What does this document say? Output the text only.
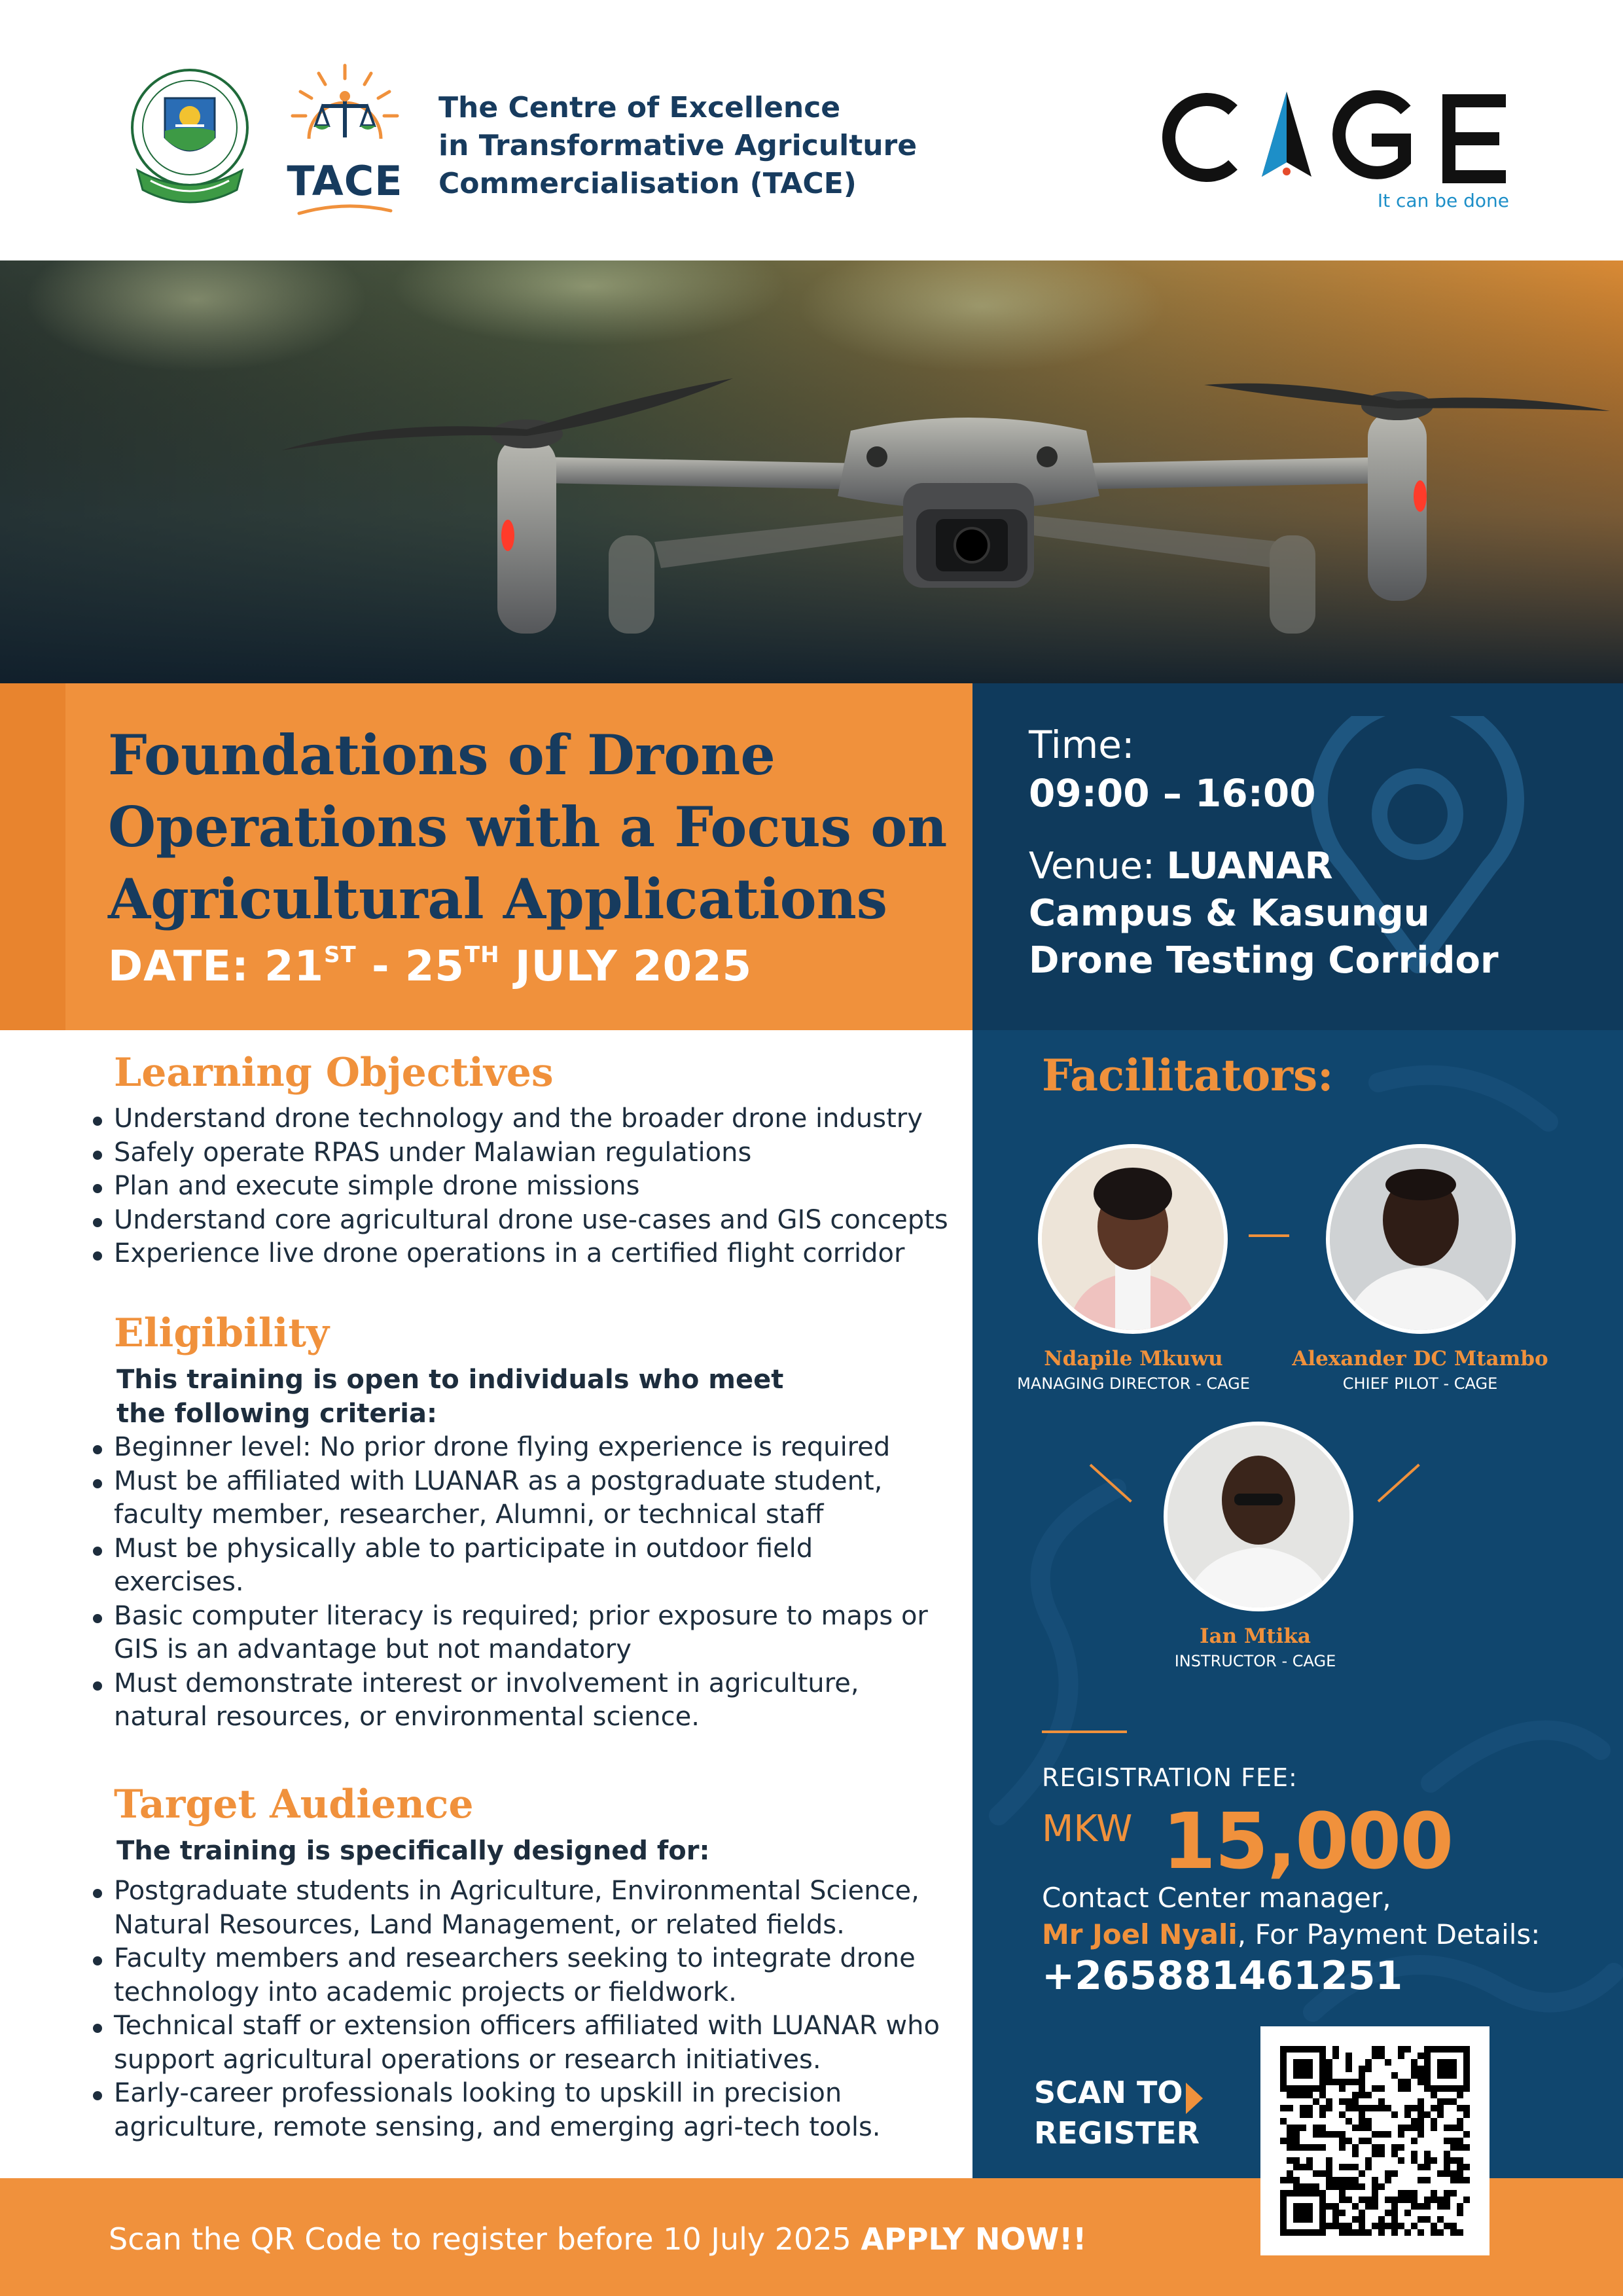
TACE
The Centre of Excellence
in Transformative Agriculture
Commercialisation (TACE)
It can be done
Foundations of Drone
Operations with a Focus on
Agricultural Applications
DATE: 21ST - 25TH JULY 2025
Time:
09:00 – 16:00
Venue: LUANAR
Campus & Kasungu
Drone Testing Corridor
Facilitators:
Ndapile Mkuwu
MANAGING DIRECTOR - CAGE
Alexander DC Mtambo
CHIEF PILOT - CAGE
Ian Mtika
INSTRUCTOR - CAGE
REGISTRATION FEE:
MKW 15,000
Contact Center manager,
Mr Joel Nyali, For Payment Details:
+265881461251
SCAN TO
REGISTER
Learning Objectives
Understand drone technology and the broader drone industry
Safely operate RPAS under Malawian regulations
Plan and execute simple drone missions
Understand core agricultural drone use-cases and GIS concepts
Experience live drone operations in a certified flight corridor
Eligibility
This training is open to individuals who meet the following criteria:
Beginner level: No prior drone flying experience is required
Must be affiliated with LUANAR as a postgraduate student, faculty member, researcher, Alumni, or technical staff
Must be physically able to participate in outdoor field exercises.
Basic computer literacy is required; prior exposure to maps or GIS is an advantage but not mandatory
Must demonstrate interest or involvement in agriculture, natural resources, or environmental science.
Target Audience
The training is specifically designed for:
Postgraduate students in Agriculture, Environmental Science, Natural Resources, Land Management, or related fields.
Faculty members and researchers seeking to integrate drone technology into academic projects or fieldwork.
Technical staff or extension officers affiliated with LUANAR who support agricultural operations or research initiatives.
Early-career professionals looking to upskill in precision agriculture, remote sensing, and emerging agri-tech tools.
Scan the QR Code to register before 10 July 2025 APPLY NOW!!
